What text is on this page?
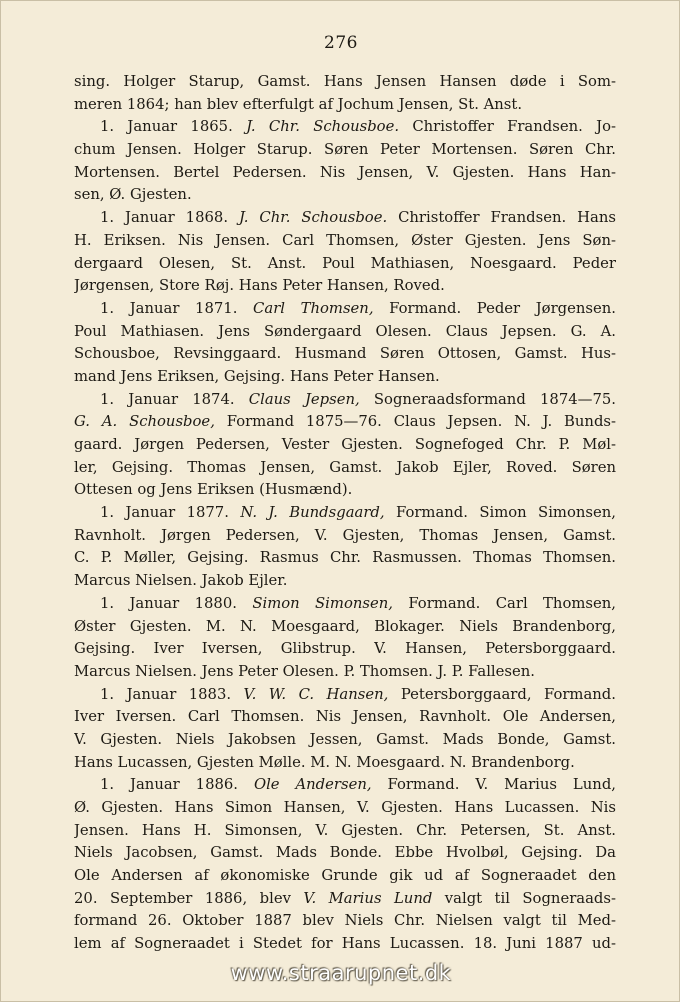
276
sing. Holger Starup, Gamst. Hans Jensen Hansen døde i Som-
meren 1864; han blev efterfulgt af Jochum Jensen, St. Anst.
1. Januar 1865. J. Chr. Schousboe. Christoffer Frandsen. Jo-
chum Jensen. Holger Starup. Søren Peter Mortensen. Søren Chr.
Mortensen. Bertel Pedersen. Nis Jensen, V. Gjesten. Hans Han-
sen, Ø. Gjesten.
1. Januar 1868. J. Chr. Schousboe. Christoffer Frandsen. Hans
H. Eriksen. Nis Jensen. Carl Thomsen, Øster Gjesten. Jens Søn-
dergaard Olesen, St. Anst. Poul Mathiasen, Noesgaard. Peder
Jørgensen, Store Røj. Hans Peter Hansen, Roved.
1. Januar 1871. Carl Thomsen, Formand. Peder Jørgensen.
Poul Mathiasen. Jens Søndergaard Olesen. Claus Jepsen. G. A.
Schousboe, Revsinggaard. Husmand Søren Ottosen, Gamst. Hus-
mand Jens Eriksen, Gejsing. Hans Peter Hansen.
1. Januar 1874. Claus Jepsen, Sogneraadsformand 1874—75.
G. A. Schousboe, Formand 1875—76. Claus Jepsen. N. J. Bunds-
gaard. Jørgen Pedersen, Vester Gjesten. Sognefoged Chr. P. Møl-
ler, Gejsing. Thomas Jensen, Gamst. Jakob Ejler, Roved. Søren
Ottesen og Jens Eriksen (Husmænd).
1. Januar 1877. N. J. Bundsgaard, Formand. Simon Simonsen,
Ravnholt. Jørgen Pedersen, V. Gjesten, Thomas Jensen, Gamst.
C. P. Møller, Gejsing. Rasmus Chr. Rasmussen. Thomas Thomsen.
Marcus Nielsen. Jakob Ejler.
1. Januar 1880. Simon Simonsen, Formand. Carl Thomsen,
Øster Gjesten. M. N. Moesgaard, Blokager. Niels Brandenborg,
Gejsing. Iver Iversen, Glibstrup. V. Hansen, Petersborggaard.
Marcus Nielsen. Jens Peter Olesen. P. Thomsen. J. P. Fallesen.
1. Januar 1883. V. W. C. Hansen, Petersborggaard, Formand.
Iver Iversen. Carl Thomsen. Nis Jensen, Ravnholt. Ole Andersen,
V. Gjesten. Niels Jakobsen Jessen, Gamst. Mads Bonde, Gamst.
Hans Lucassen, Gjesten Mølle. M. N. Moesgaard. N. Brandenborg.
1. Januar 1886. Ole Andersen, Formand. V. Marius Lund,
Ø. Gjesten. Hans Simon Hansen, V. Gjesten. Hans Lucassen. Nis
Jensen. Hans H. Simonsen, V. Gjesten. Chr. Petersen, St. Anst.
Niels Jacobsen, Gamst. Mads Bonde. Ebbe Hvolbøl, Gejsing. Da
Ole Andersen af økonomiske Grunde gik ud af Sogneraadet den
20. September 1886, blev V. Marius Lund valgt til Sogneraads-
formand 26. Oktober 1887 blev Niels Chr. Nielsen valgt til Med-
lem af Sogneraadet i Stedet for Hans Lucassen. 18. Juni 1887 ud-
www.straarupnet.dk
